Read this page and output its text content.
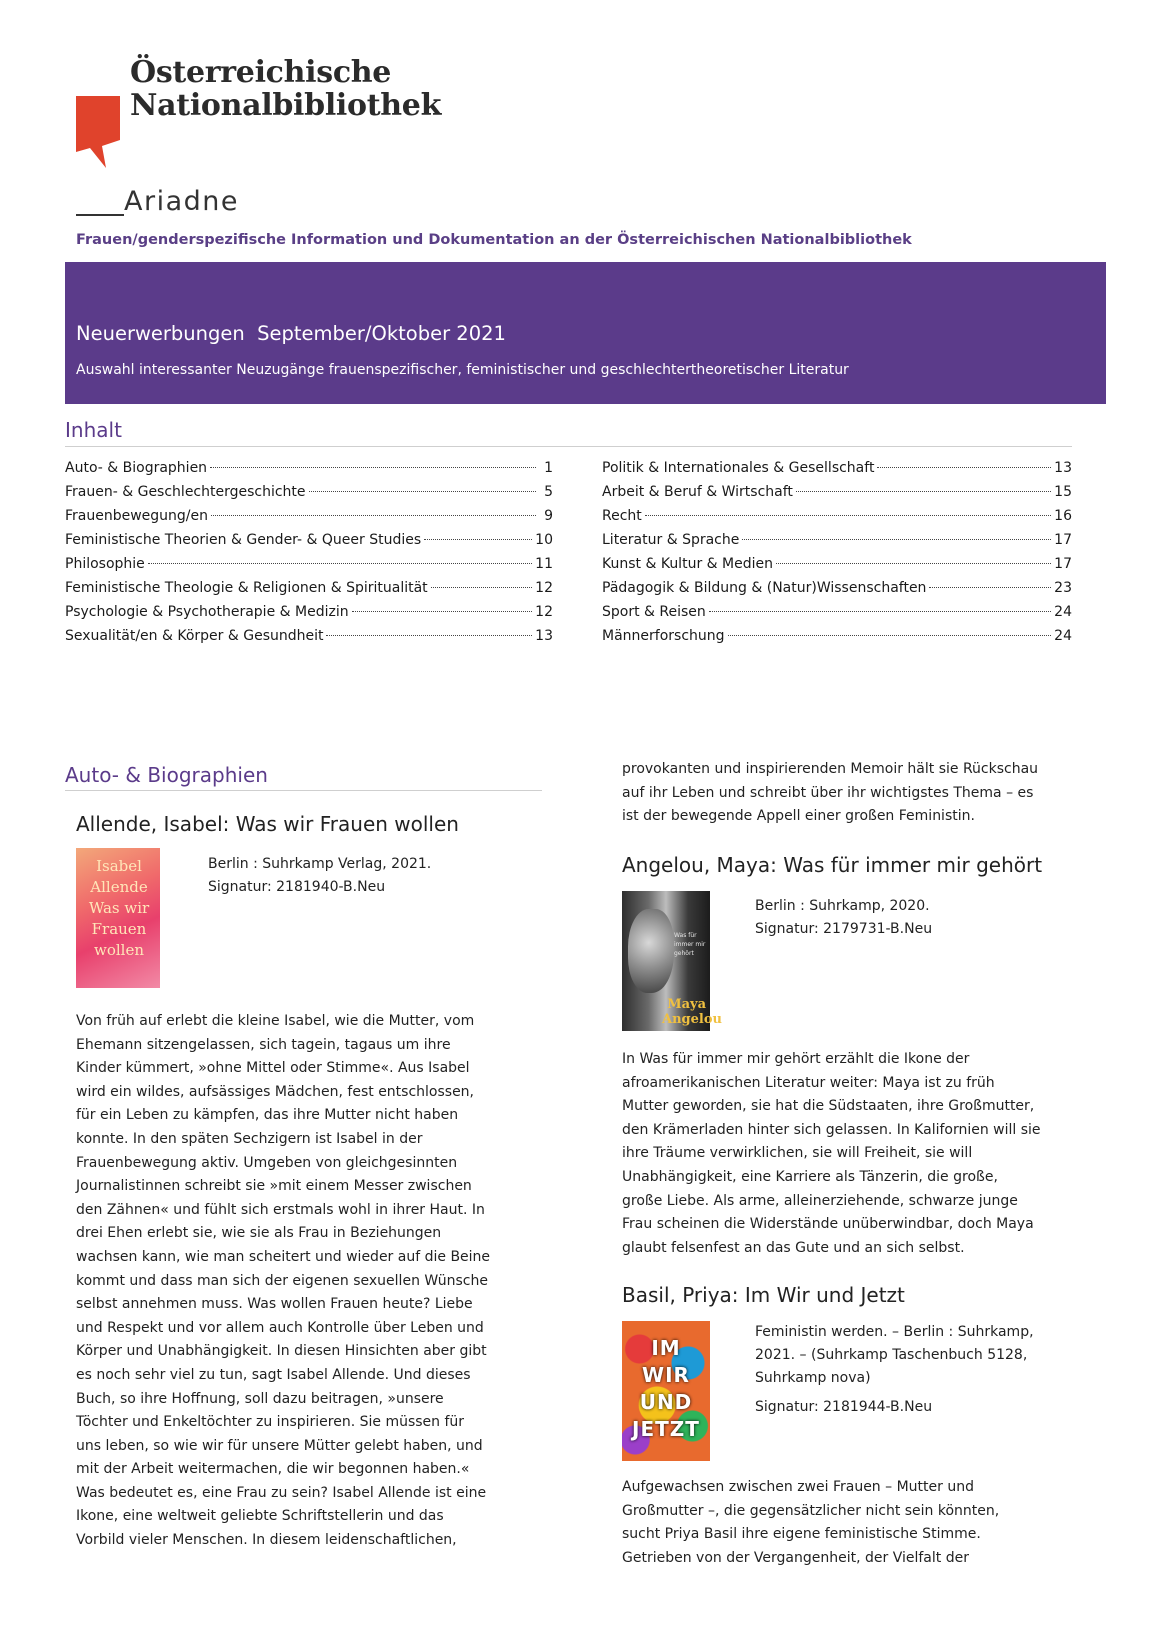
Österreichische
Nationalbibliothek
Ariadne
Frauen/genderspezifische Information und Dokumentation an der Österreichischen Nationalbibliothek
Neuerwerbungen  September/Oktober 2021
Auswahl interessanter Neuzugänge frauenspezifischer, feministischer und geschlechtertheoretischer Literatur
Inhalt
Auto- & Biographien	1
Frauen- & Geschlechtergeschichte	5
Frauenbewegung/en	9
Feministische Theorien & Gender- & Queer Studies	10
Philosophie	11
Feministische Theologie & Religionen & Spiritualität	12
Psychologie & Psychotherapie & Medizin	12
Sexualität/en & Körper & Gesundheit	13
Politik & Internationales & Gesellschaft	13
Arbeit & Beruf & Wirtschaft	15
Recht	16
Literatur & Sprache	17
Kunst & Kultur & Medien	17
Pädagogik & Bildung & (Natur)Wissenschaften	23
Sport & Reisen	24
Männerforschung	24
Auto- & Biographien
Allende, Isabel: Was wir Frauen wollen
Isabel
Allende
Was wir
Frauen
wollen
Berlin : Suhrkamp Verlag, 2021.
Signatur: 2181940-B.Neu
Von früh auf erlebt die kleine Isabel, wie die Mutter, vom
Ehemann sitzengelassen, sich tagein, tagaus um ihre
Kinder kümmert, »ohne Mittel oder Stimme«. Aus Isabel
wird ein wildes, aufsässiges Mädchen, fest entschlossen,
für ein Leben zu kämpfen, das ihre Mutter nicht haben
konnte. In den späten Sechzigern ist Isabel in der
Frauenbewegung aktiv. Umgeben von gleichgesinnten
Journalistinnen schreibt sie »mit einem Messer zwischen
den Zähnen« und fühlt sich erstmals wohl in ihrer Haut. In
drei Ehen erlebt sie, wie sie als Frau in Beziehungen
wachsen kann, wie man scheitert und wieder auf die Beine
kommt und dass man sich der eigenen sexuellen Wünsche
selbst annehmen muss. Was wollen Frauen heute? Liebe
und Respekt und vor allem auch Kontrolle über Leben und
Körper und Unabhängigkeit. In diesen Hinsichten aber gibt
es noch sehr viel zu tun, sagt Isabel Allende. Und dieses
Buch, so ihre Hoffnung, soll dazu beitragen, »unsere
Töchter und Enkeltöchter zu inspirieren. Sie müssen für
uns leben, so wie wir für unsere Mütter gelebt haben, und
mit der Arbeit weitermachen, die wir begonnen haben.«
Was bedeutet es, eine Frau zu sein? Isabel Allende ist eine
Ikone, eine weltweit geliebte Schriftstellerin und das
Vorbild vieler Menschen. In diesem leidenschaftlichen,
provokanten und inspirierenden Memoir hält sie Rückschau
auf ihr Leben und schreibt über ihr wichtigstes Thema – es
ist der bewegende Appell einer großen Feministin.
Angelou, Maya: Was für immer mir gehört
Was für immer mir gehört
Maya Angelou
Berlin : Suhrkamp, 2020.
Signatur: 2179731-B.Neu
In Was für immer mir gehört erzählt die Ikone der
afroamerikanischen Literatur weiter: Maya ist zu früh
Mutter geworden, sie hat die Südstaaten, ihre Großmutter,
den Krämerladen hinter sich gelassen. In Kalifornien will sie
ihre Träume verwirklichen, sie will Freiheit, sie will
Unabhängigkeit, eine Karriere als Tänzerin, die große,
große Liebe. Als arme, alleinerziehende, schwarze junge
Frau scheinen die Widerstände unüberwindbar, doch Maya
glaubt felsenfest an das Gute und an sich selbst.
Basil, Priya: Im Wir und Jetzt
IM
WIR
UND
JETZT
Feministin werden. – Berlin : Suhrkamp,
2021. – (Suhrkamp Taschenbuch 5128,
Suhrkamp nova)
Signatur: 2181944-B.Neu
Aufgewachsen zwischen zwei Frauen – Mutter und
Großmutter –, die gegensätzlicher nicht sein könnten,
sucht Priya Basil ihre eigene feministische Stimme.
Getrieben von der Vergangenheit, der Vielfalt der
